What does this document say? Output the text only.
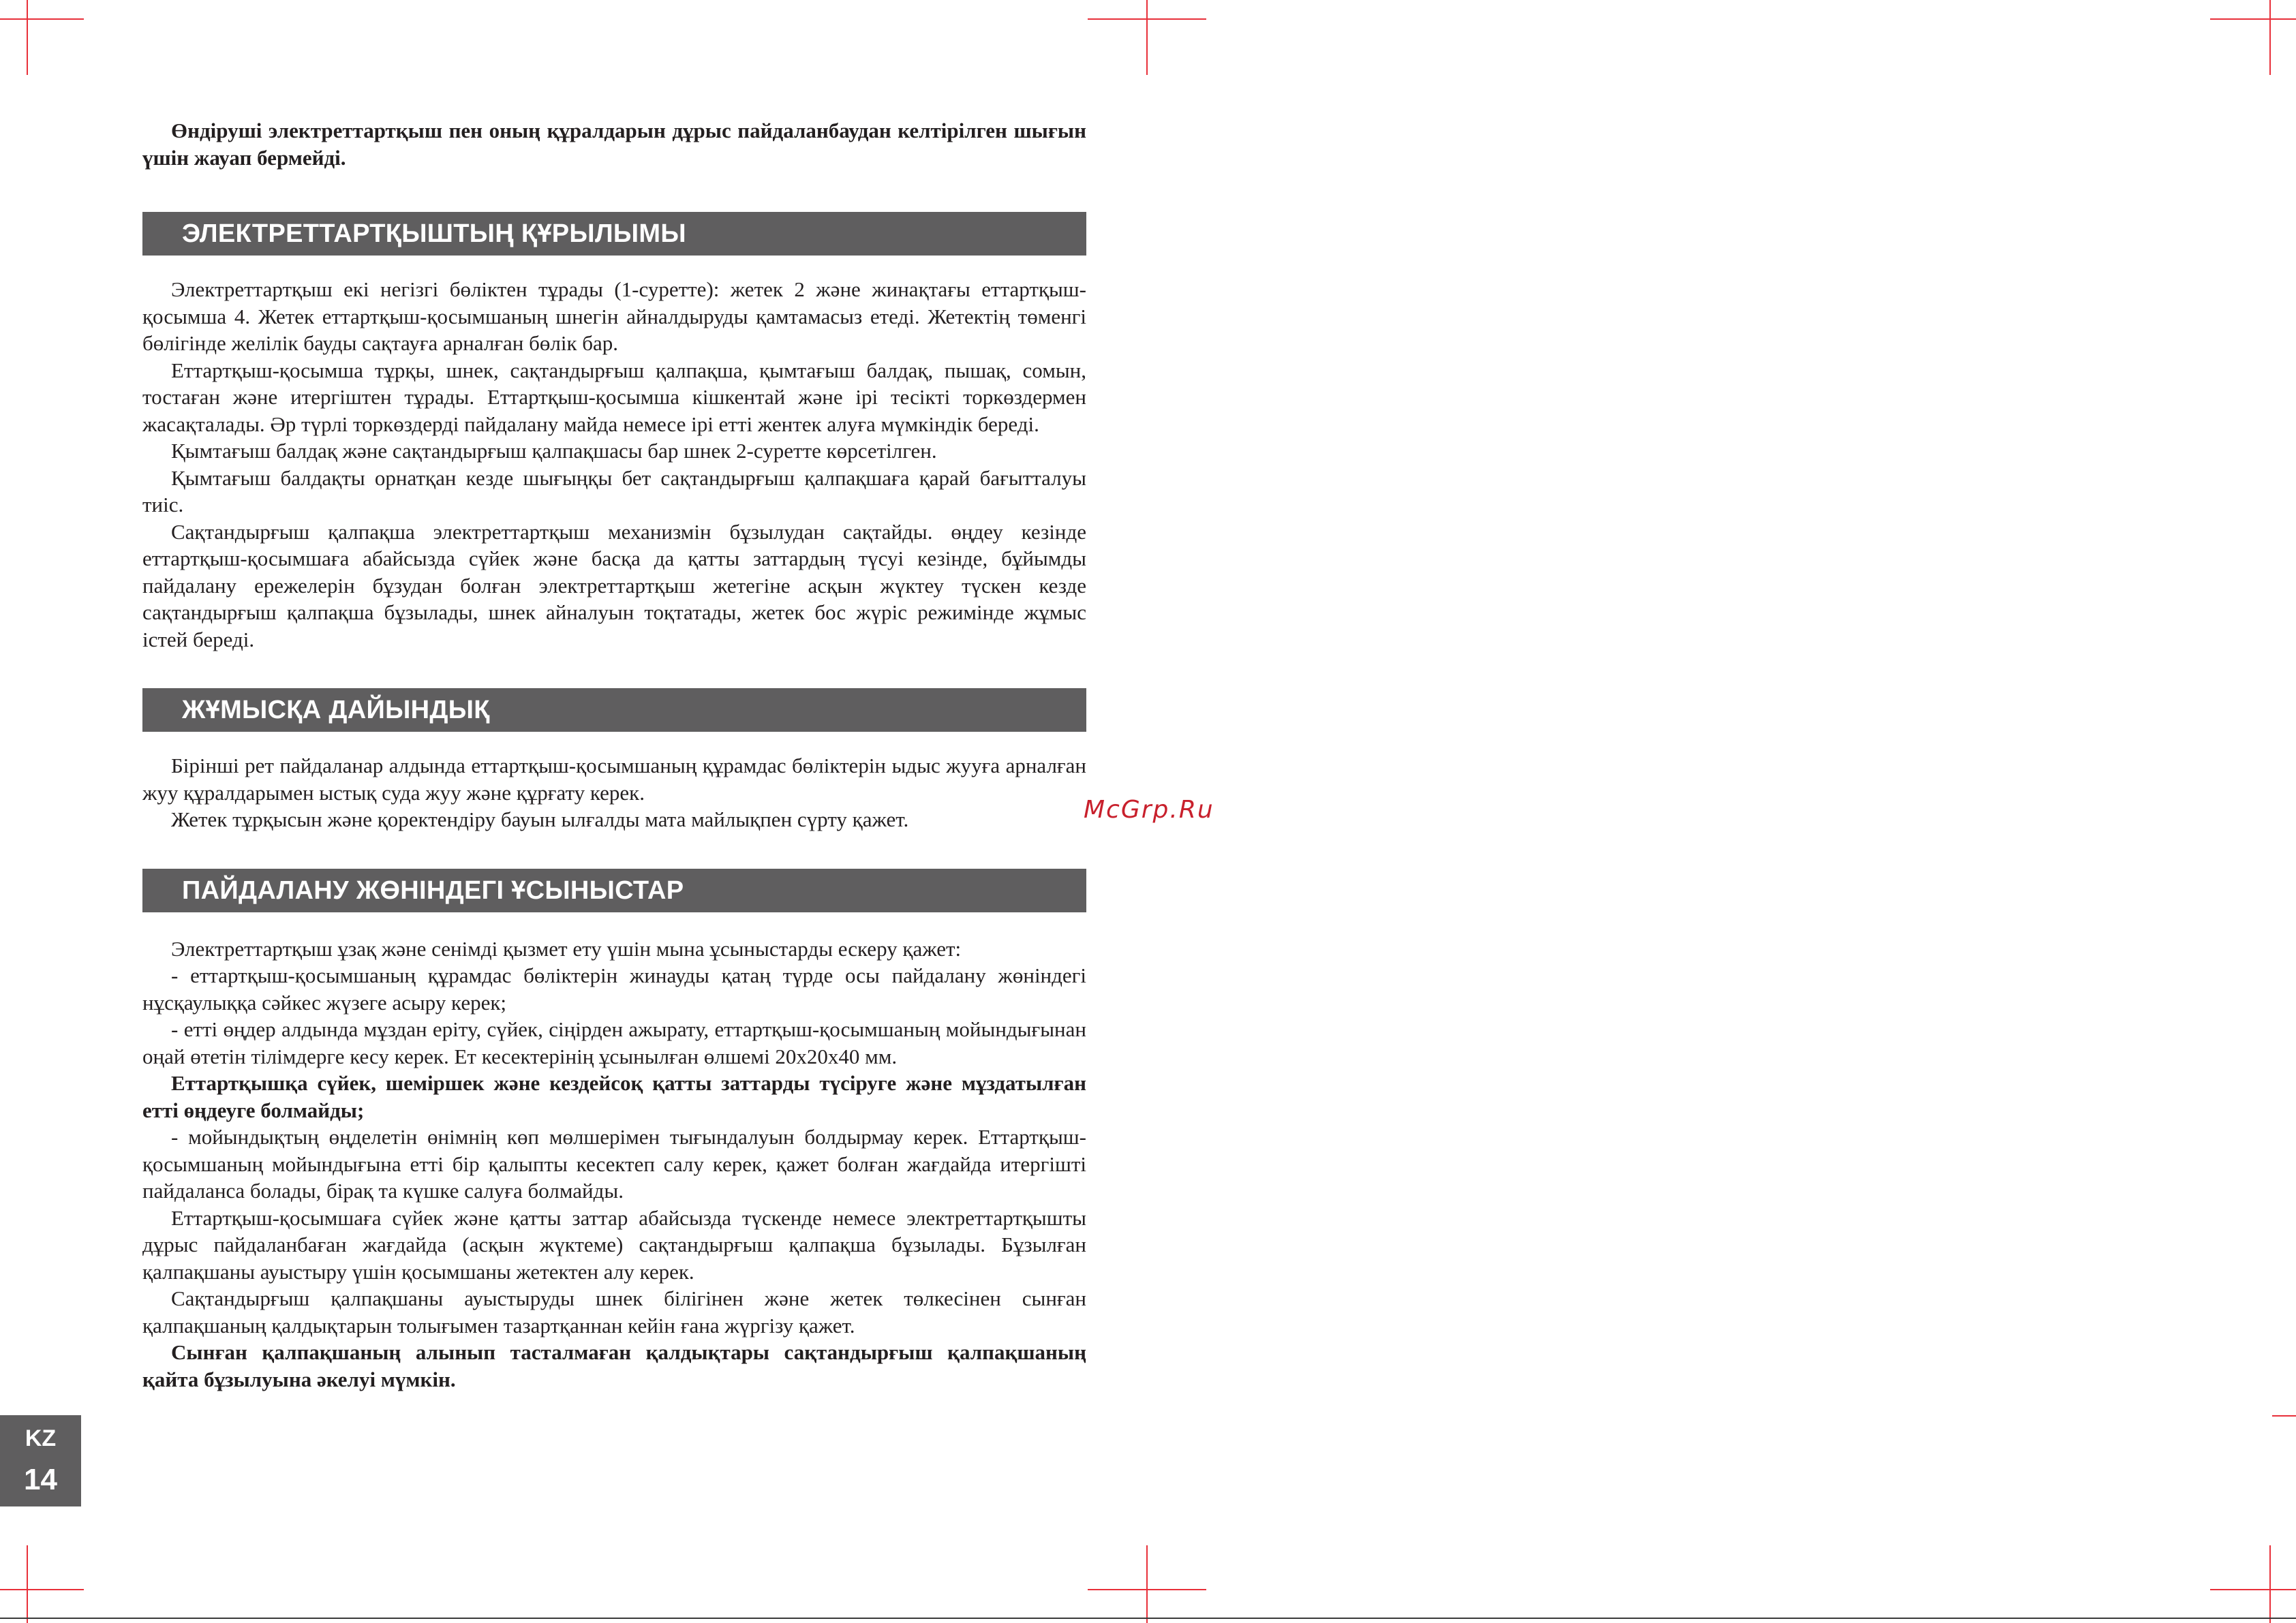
Өндіруші электреттартқыш пен оның құралдарын дұрыс пайдаланбаудан келтірілген шығын үшін жауап бермейді.

ЭЛЕКТРЕТТАРТҚЫШТЫҢ ҚҰРЫЛЫМЫ

Электреттартқыш екі негізгі бөліктен тұрады (1-суретте): жетек 2 және жинақтағы еттартқыш-қосымша 4. Жетек еттартқыш-қосымшаның шнегін айналдыруды қамтамасыз етеді. Жетектің төменгі бөлігінде желілік бауды сақтауға арналған бөлік бар.

Еттартқыш-қосымша тұрқы, шнек, сақтандырғыш қалпақша, қымтағыш балдақ, пышақ, сомын, тостаған және итергіштен тұрады. Еттартқыш-қосымша кішкентай және ірі тесікті торкөздермен жасақталады. Әр түрлі торкөздерді пайдалану майда немесе ірі етті жентек алуға мүмкіндік береді.

Қымтағыш балдақ және сақтандырғыш қалпақшасы бар шнек 2-суретте көрсетілген.

Қымтағыш балдақты орнатқан кезде шығыңқы бет сақтандырғыш қалпақшаға қарай бағытталуы тиіс.

Сақтандырғыш қалпақша электреттартқыш механизмін бұзылудан сақтайды. өңдеу кезінде еттартқыш-қосымшаға абайсызда сүйек және басқа да қатты заттардың түсуі кезінде, бұйымды пайдалану ережелерін бұзудан болған электреттартқыш жетегіне асқын жүктеу түскен кезде сақтандырғыш қалпақша бұзылады, шнек айналуын тоқтатады, жетек бос жүріс режимінде жұмыс істей береді.

ЖҰМЫСҚА ДАЙЫНДЫҚ

Бірінші рет пайдаланар алдында еттартқыш-қосымшаның құрамдас бөліктерін ыдыс жууға арналған жуу құралдарымен ыстық суда жуу және құрғату керек.

Жетек тұрқысын және қоректендіру бауын ылғалды мата майлықпен сүрту қажет.

ПАЙДАЛАНУ ЖӨНІНДЕГІ ҰСЫНЫСТАР

Электреттартқыш ұзақ және сенімді қызмет ету үшін мына ұсыныстарды ескеру қажет:

- еттартқыш-қосымшаның құрамдас бөліктерін жинауды қатаң түрде осы пайдалану жөніндегі нұсқаулыққа сәйкес жүзеге асыру керек;

- етті өңдер алдында мұздан еріту, сүйек, сіңірден ажырату, еттартқыш-қосымшаның мойындығынан оңай өтетін тілімдерге кесу керек. Ет кесектерінің ұсынылған өлшемі 20х20х40 мм.

Еттартқышқа сүйек, шеміршек және кездейсоқ қатты заттарды түсіруге және мұздатылған етті өңдеуге болмайды;

- мойындықтың өңделетін өнімнің көп мөлшерімен тығындалуын болдырмау керек. Еттартқыш-қосымшаның мойындығына етті бір қалыпты кесектеп салу керек, қажет болған жағдайда итергішті пайдалансa болады, бірақ та күшке салуға болмайды.

Еттартқыш-қосымшаға сүйек және қатты заттар абайсызда түскенде немесе электреттартқышты дұрыс пайдаланбаған жағдайда (асқын жүктеме) сақтандырғыш қалпақша бұзылады. Бұзылған қалпақшаны ауыстыру үшін қосымшаны жетектен алу керек.

Сақтандырғыш қалпақшаны ауыстыруды шнек білігінен және жетек төлкесінен сынған қалпақшаның қалдықтарын толығымен тазартқаннан кейін ғана жүргізу қажет.

Сынған қалпақшаның алынып тасталмаған қалдықтары сақтандырғыш қалпақшаның қайта бұзылуына әкелуі мүмкін.

McGrp.Ru
KZ
14
